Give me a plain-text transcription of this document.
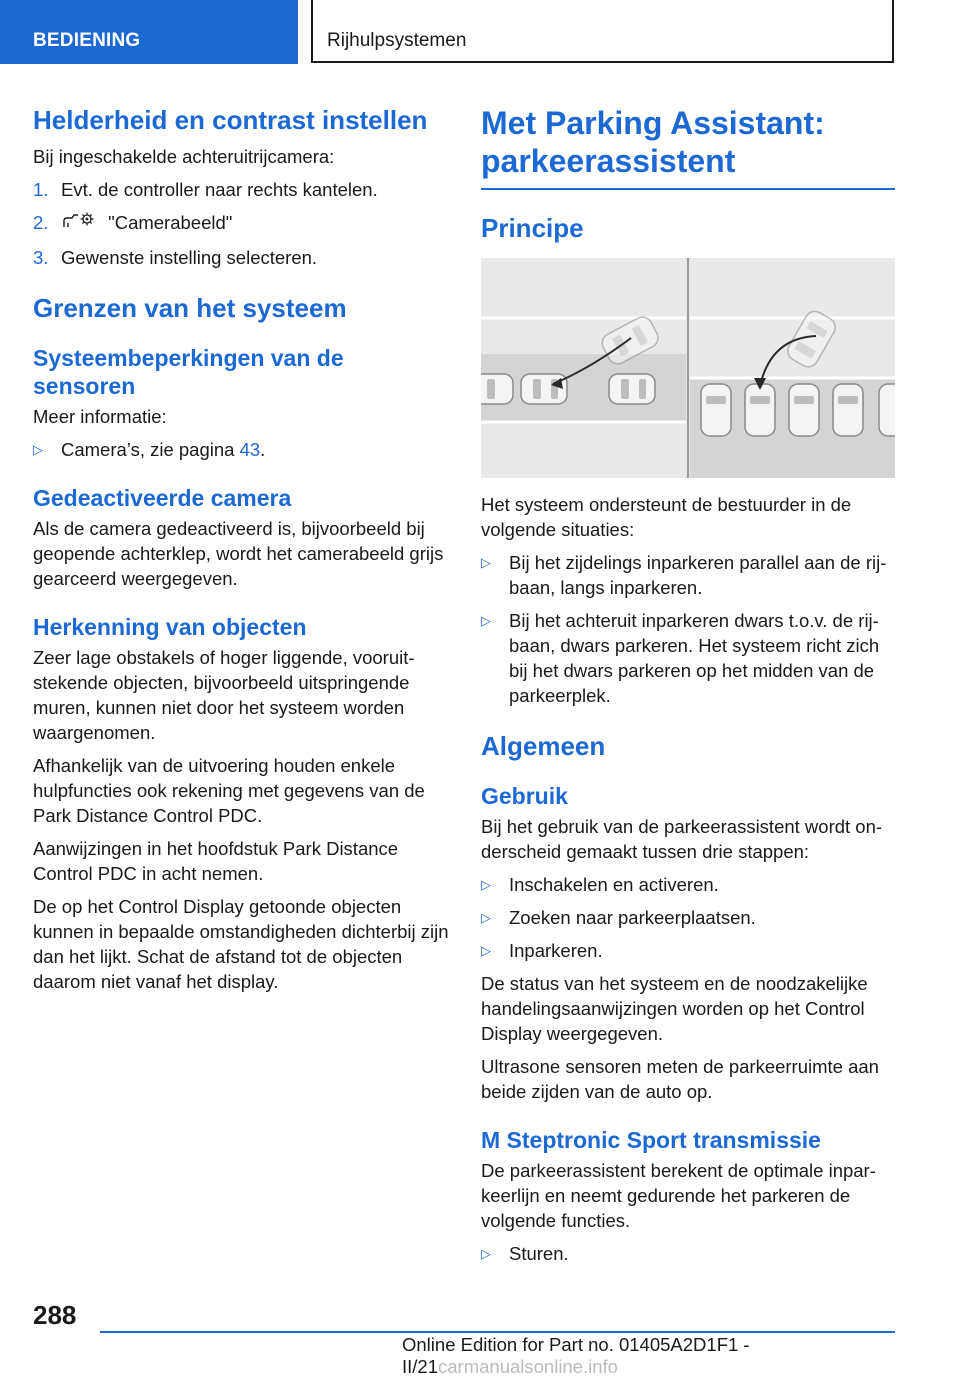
BEDIENING	Rijhulpsystemen
Helderheid en contrast instellen

Bij ingeschakelde achteruitrijcamera:

1. Evt. de controller naar rechts kantelen.
2.	"Camerabeeld"
3. Gewenste instelling selecteren.
Grenzen van het systeem
Systeembeperkingen van de sensoren

Meer informatie:

▷ Camera’s, zie pagina 43.
Gedeactiveerde camera

Als de camera gedeactiveerd is, bijvoorbeeld bij geopende achterklep, wordt het camerabeeld grijs gearceerd weergegeven.

Herkenning van objecten

Zeer lage obstakels of hoger liggende, vooruit-stekende objecten, bijvoorbeeld uitspringende muren, kunnen niet door het systeem worden waargenomen.

Afhankelijk van de uitvoering houden enkele hulpfuncties ook rekening met gegevens van de Park Distance Control PDC.

Aanwijzingen in het hoofdstuk Park Distance Control PDC in acht nemen.

De op het Control Display getoonde objecten kunnen in bepaalde omstandigheden dichterbij zijn dan het lijkt. Schat de afstand tot de objecten daarom niet vanaf het display.

Met Parking Assistant: parkeerassistent
Principe

Het systeem ondersteunt de bestuurder in de volgende situaties:

▷ Bij het zijdelings inparkeren parallel aan de rij-baan, langs inparkeren.
▷ Bij het achteruit inparkeren dwars t.o.v. de rij-baan, dwars parkeren. Het systeem richt zich bij het dwars parkeren op het midden van de parkeerplek.
Algemeen
Gebruik

Bij het gebruik van de parkeerassistent wordt on-derscheid gemaakt tussen drie stappen:

▷ Inschakelen en activeren.
▷ Zoeken naar parkeerplaatsen.
▷ Inparkeren.

De status van het systeem en de noodzakelijke handelingsaanwijzingen worden op het Control Display weergegeven.

Ultrasone sensoren meten de parkeerruimte aan beide zijden van de auto op.

M Steptronic Sport transmissie

De parkeerassistent berekent de optimale inpar-keerlijn en neemt gedurende het parkeren de volgende functies.

▷ Sturen.
288
Online Edition for Part no. 01405A2D1F1 - II/21carmanualsonline.info
